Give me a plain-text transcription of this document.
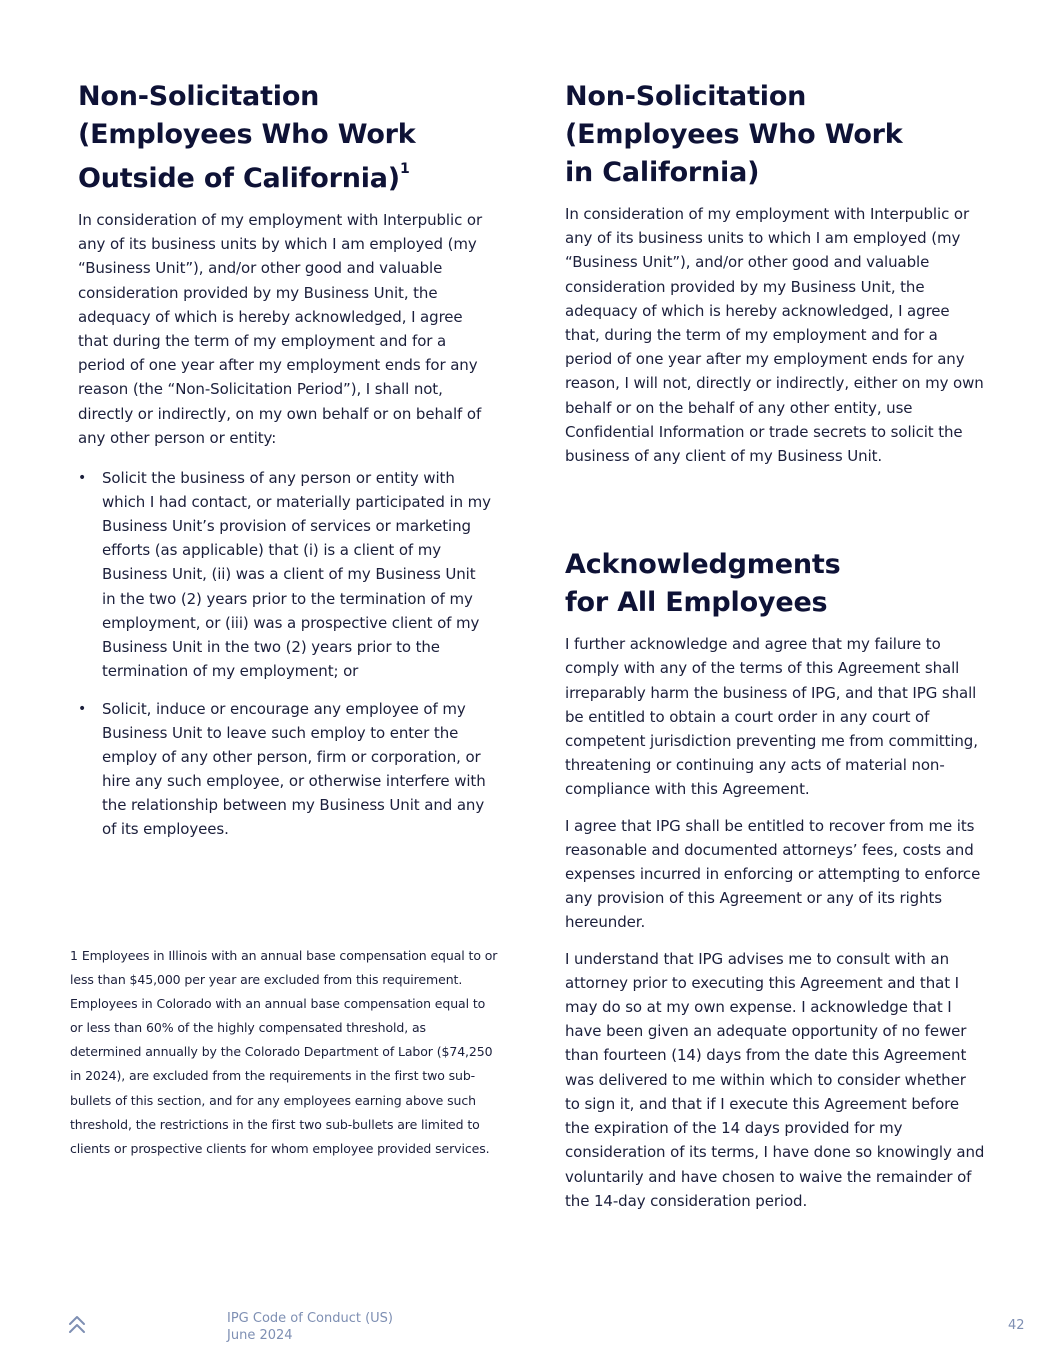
Non-Solicitation
(Employees Who Work
Outside of California)$^1$

In consideration of my employment with Interpublic or any of its business units by which I am employed (my “Business Unit”), and/or other good and valuable consideration provided by my Business Unit, the adequacy of which is hereby acknowledged, I agree that during the term of my employment and for a period of one year after my employment ends for any reason (the “Non-Solicitation Period”), I shall not, directly or indirectly, on my own behalf or on behalf of any other person or entity:

• Solicit the business of any person or entity with which I had contact, or materially participated in my Business Unit’s provision of services or marketing efforts (as applicable) that (i) is a client of my Business Unit, (ii) was a client of my Business Unit in the two (2) years prior to the termination of my employment, or (iii) was a prospective client of my Business Unit in the two (2) years prior to the termination of my employment; or
• Solicit, induce or encourage any employee of my Business Unit to leave such employ to enter the employ of any other person, firm or corporation, or hire any such employee, or otherwise interfere with the relationship between my Business Unit and any of its employees.
1 Employees in Illinois with an annual base compensation equal to or less than $45,000 per year are excluded from this requirement. Employees in Colorado with an annual base compensation equal to or less than 60% of the highly compensated threshold, as determined annually by the Colorado Department of Labor ($74,250 in 2024), are excluded from the requirements in the first two sub-bullets of this section, and for any employees earning above such threshold, the restrictions in the first two sub-bullets are limited to clients or prospective clients for whom employee provided services.
Non-Solicitation
(Employees Who Work
in California)

In consideration of my employment with Interpublic or any of its business units to which I am employed (my “Business Unit”), and/or other good and valuable consideration provided by my Business Unit, the adequacy of which is hereby acknowledged, I agree that, during the term of my employment and for a period of one year after my employment ends for any reason, I will not, directly or indirectly, either on my own behalf or on the behalf of any other entity, use Confidential Information or trade secrets to solicit the business of any client of my Business Unit.

Acknowledgments
for All Employees

I further acknowledge and agree that my failure to comply with any of the terms of this Agreement shall irreparably harm the business of IPG, and that IPG shall be entitled to obtain a court order in any court of competent jurisdiction preventing me from committing, threatening or continuing any acts of material non-compliance with this Agreement.

I agree that IPG shall be entitled to recover from me its reasonable and documented attorneys’ fees, costs and expenses incurred in enforcing or attempting to enforce any provision of this Agreement or any of its rights hereunder.

I understand that IPG advises me to consult with an attorney prior to executing this Agreement and that I may do so at my own expense. I acknowledge that I have been given an adequate opportunity of no fewer than fourteen (14) days from the date this Agreement was delivered to me within which to consider whether to sign it, and that if I execute this Agreement before the expiration of the 14 days provided for my consideration of its terms, I have done so knowingly and voluntarily and have chosen to waive the remainder of the 14-day consideration period.

IPG Code of Conduct (US)
June 2024
42
